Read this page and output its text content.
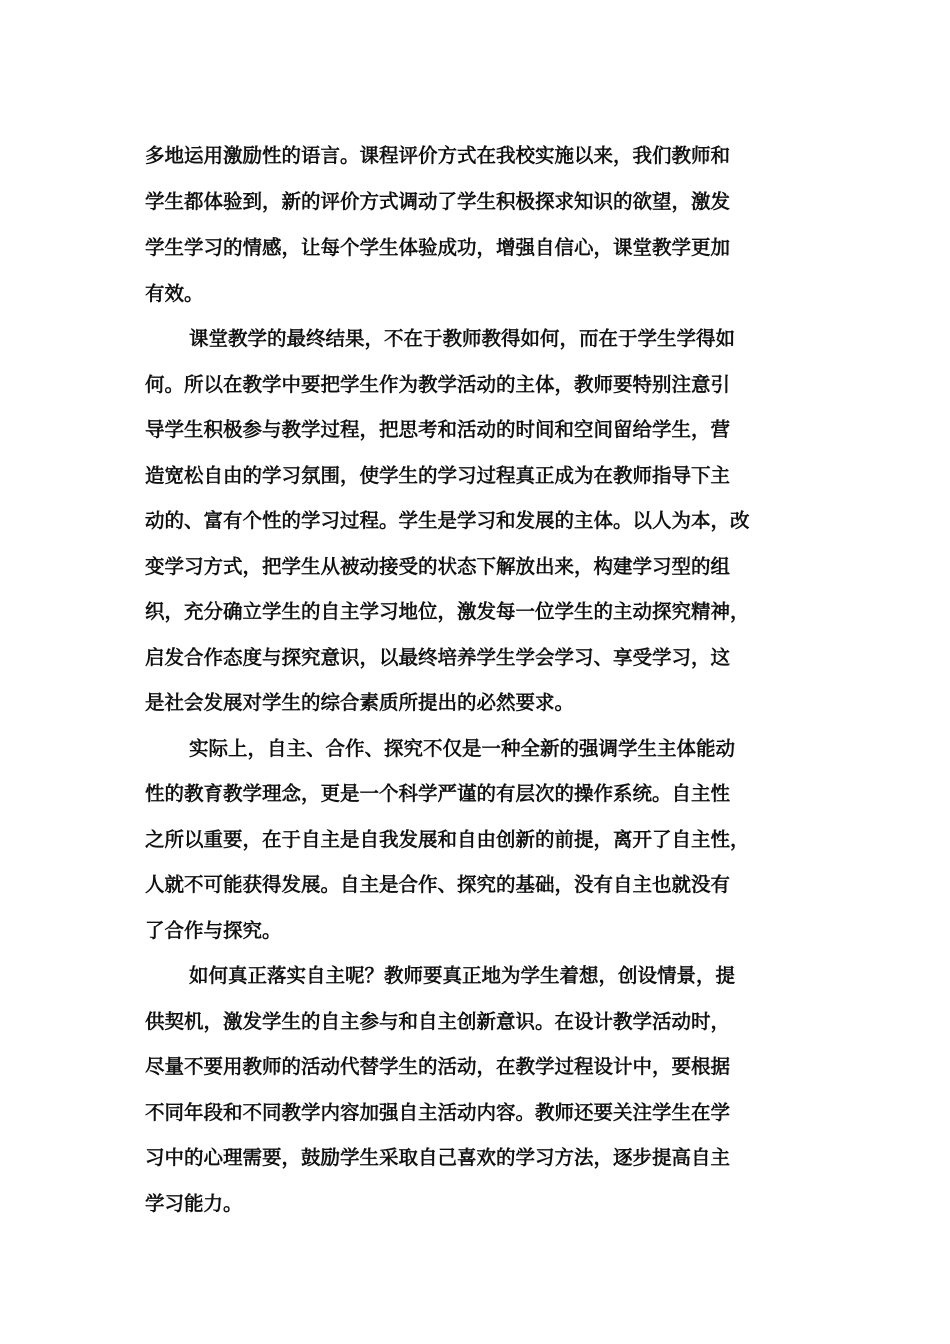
多地运用激励性的语言。课程评价方式在我校实施以来，我们教师和
学生都体验到，新的评价方式调动了学生积极探求知识的欲望，激发
学生学习的情感，让每个学生体验成功，增强自信心，课堂教学更加
有效。
课堂教学的最终结果，不在于教师教得如何，而在于学生学得如
何。所以在教学中要把学生作为教学活动的主体，教师要特别注意引
导学生积极参与教学过程，把思考和活动的时间和空间留给学生，营
造宽松自由的学习氛围，使学生的学习过程真正成为在教师指导下主
动的、富有个性的学习过程。学生是学习和发展的主体。以人为本，改
变学习方式，把学生从被动接受的状态下解放出来，构建学习型的组
织，充分确立学生的自主学习地位，激发每一位学生的主动探究精神，
启发合作态度与探究意识，以最终培养学生学会学习、享受学习，这
是社会发展对学生的综合素质所提出的必然要求。
实际上，自主、合作、探究不仅是一种全新的强调学生主体能动
性的教育教学理念，更是一个科学严谨的有层次的操作系统。自主性
之所以重要，在于自主是自我发展和自由创新的前提，离开了自主性，
人就不可能获得发展。自主是合作、探究的基础，没有自主也就没有
了合作与探究。
如何真正落实自主呢？教师要真正地为学生着想，创设情景，提
供契机，激发学生的自主参与和自主创新意识。在设计教学活动时，
尽量不要用教师的活动代替学生的活动，在教学过程设计中，要根据
不同年段和不同教学内容加强自主活动内容。教师还要关注学生在学
习中的心理需要，鼓励学生采取自己喜欢的学习方法，逐步提高自主
学习能力。
